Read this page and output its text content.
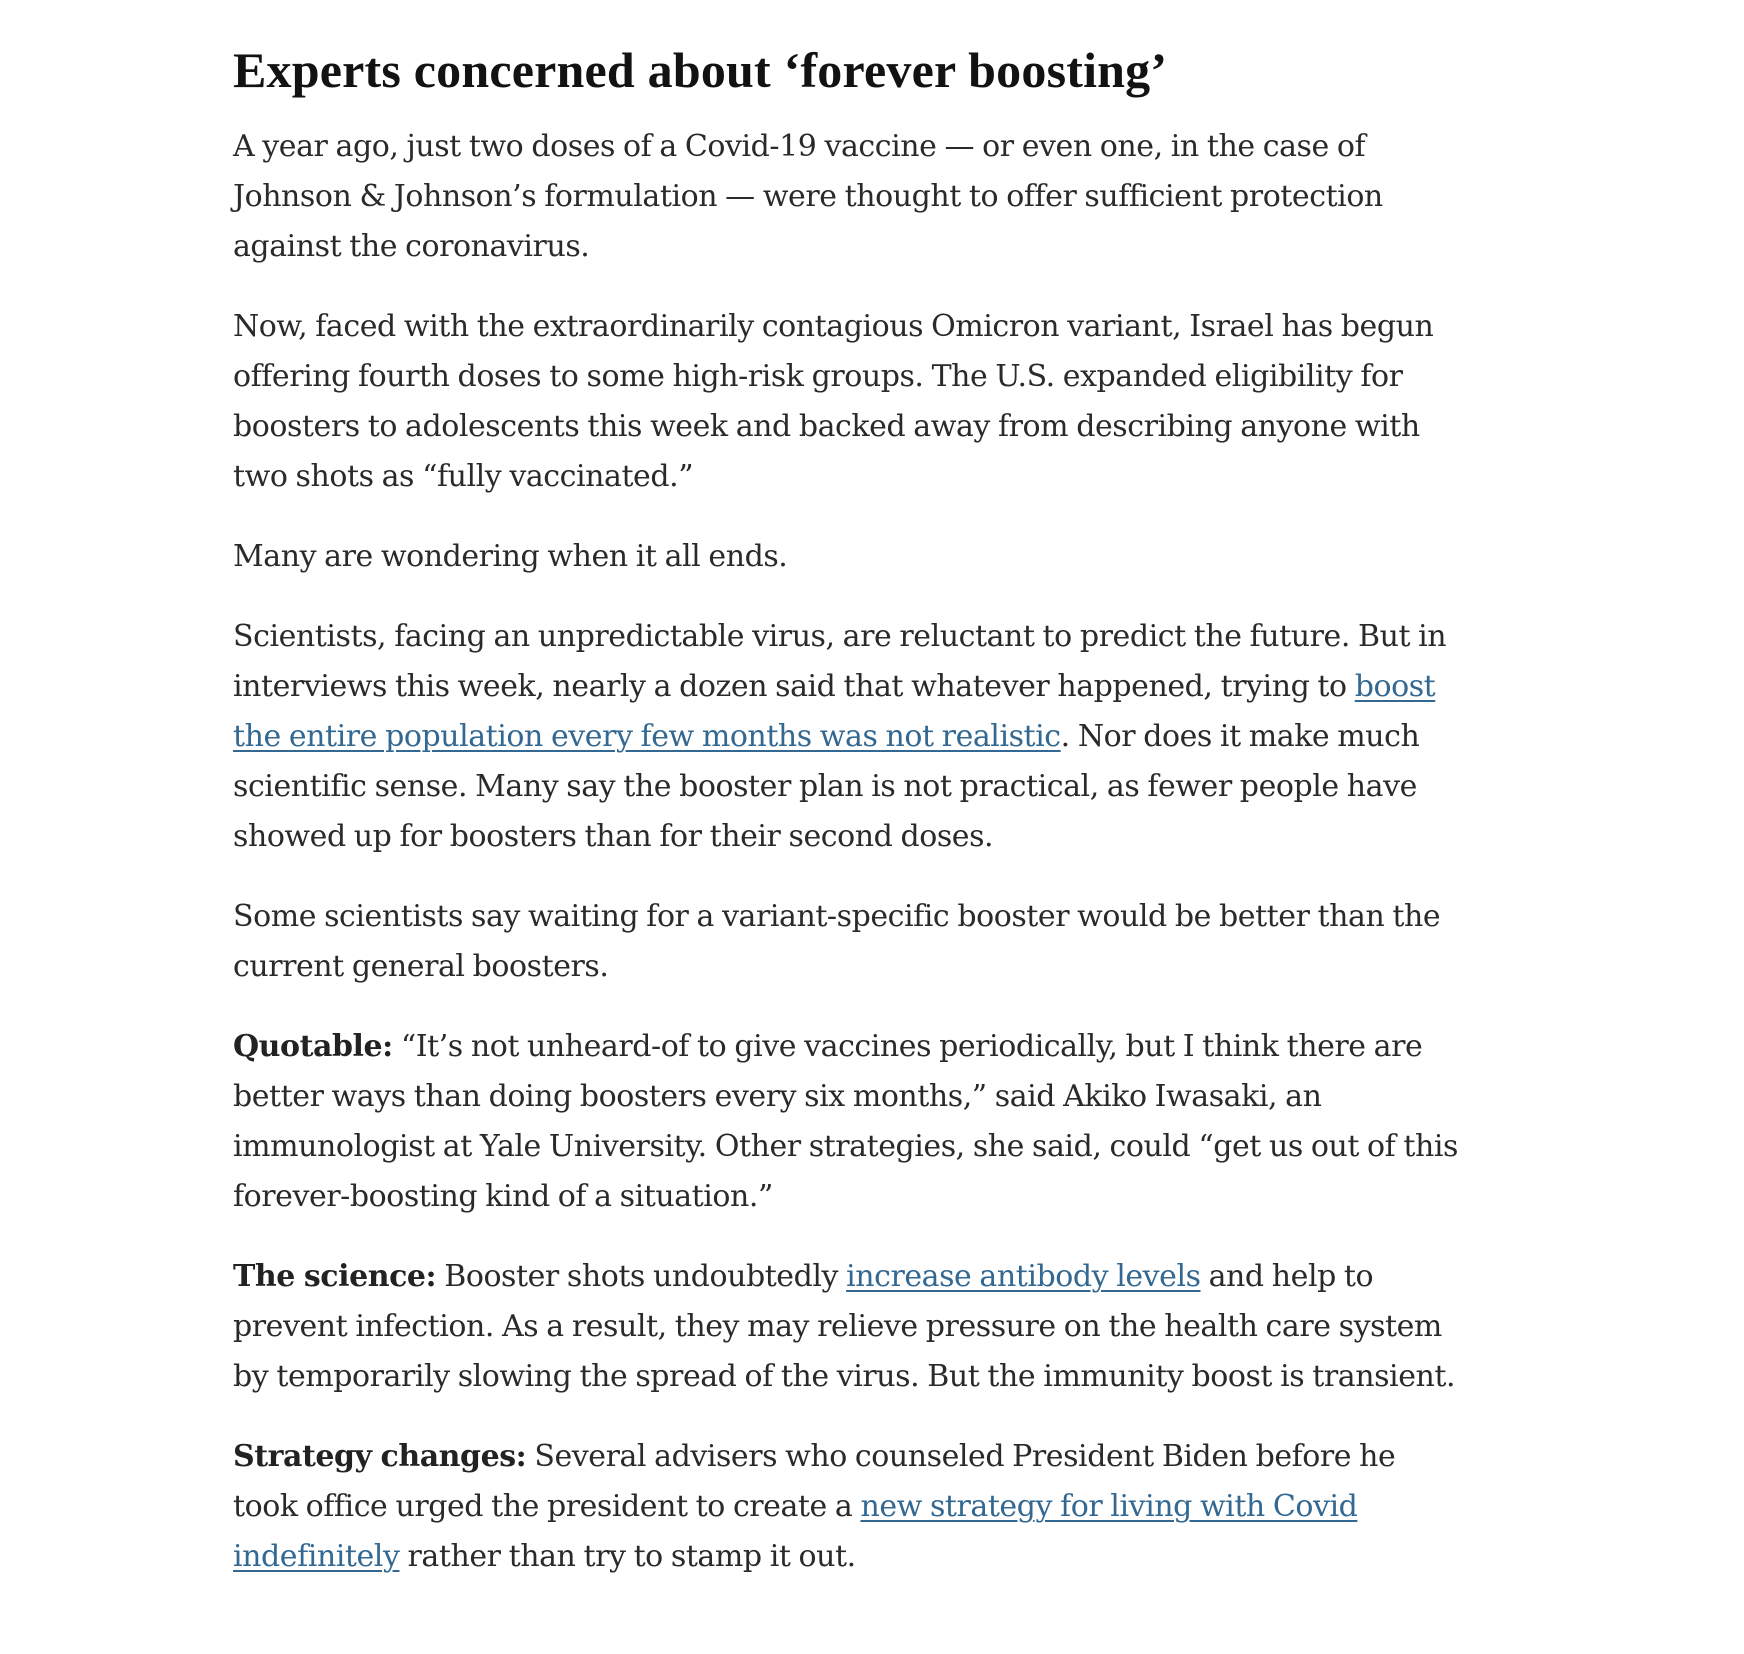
Experts concerned about ‘forever boosting’

A year ago, just two doses of a Covid-19 vaccine — or even one, in the case of Johnson & Johnson’s formulation — were thought to offer sufficient protection against the coronavirus.

Now, faced with the extraordinarily contagious Omicron variant, Israel has begun offering fourth doses to some high-risk groups. The U.S. expanded eligibility for boosters to adolescents this week and backed away from describing anyone with two shots as “fully vaccinated.”

Many are wondering when it all ends.

Scientists, facing an unpredictable virus, are reluctant to predict the future. But in interviews this week, nearly a dozen said that whatever happened, trying to boost the entire population every few months was not realistic. Nor does it make much scientific sense. Many say the booster plan is not practical, as fewer people have showed up for boosters than for their second doses.

Some scientists say waiting for a variant-specific booster would be better than the current general boosters.

Quotable: “It’s not unheard-of to give vaccines periodically, but I think there are better ways than doing boosters every six months,” said Akiko Iwasaki, an immunologist at Yale University. Other strategies, she said, could “get us out of this forever-boosting kind of a situation.”

The science: Booster shots undoubtedly increase antibody levels and help to prevent infection. As a result, they may relieve pressure on the health care system by temporarily slowing the spread of the virus. But the immunity boost is transient.

Strategy changes: Several advisers who counseled President Biden before he took office urged the president to create a new strategy for living with Covid indefinitely rather than try to stamp it out.
